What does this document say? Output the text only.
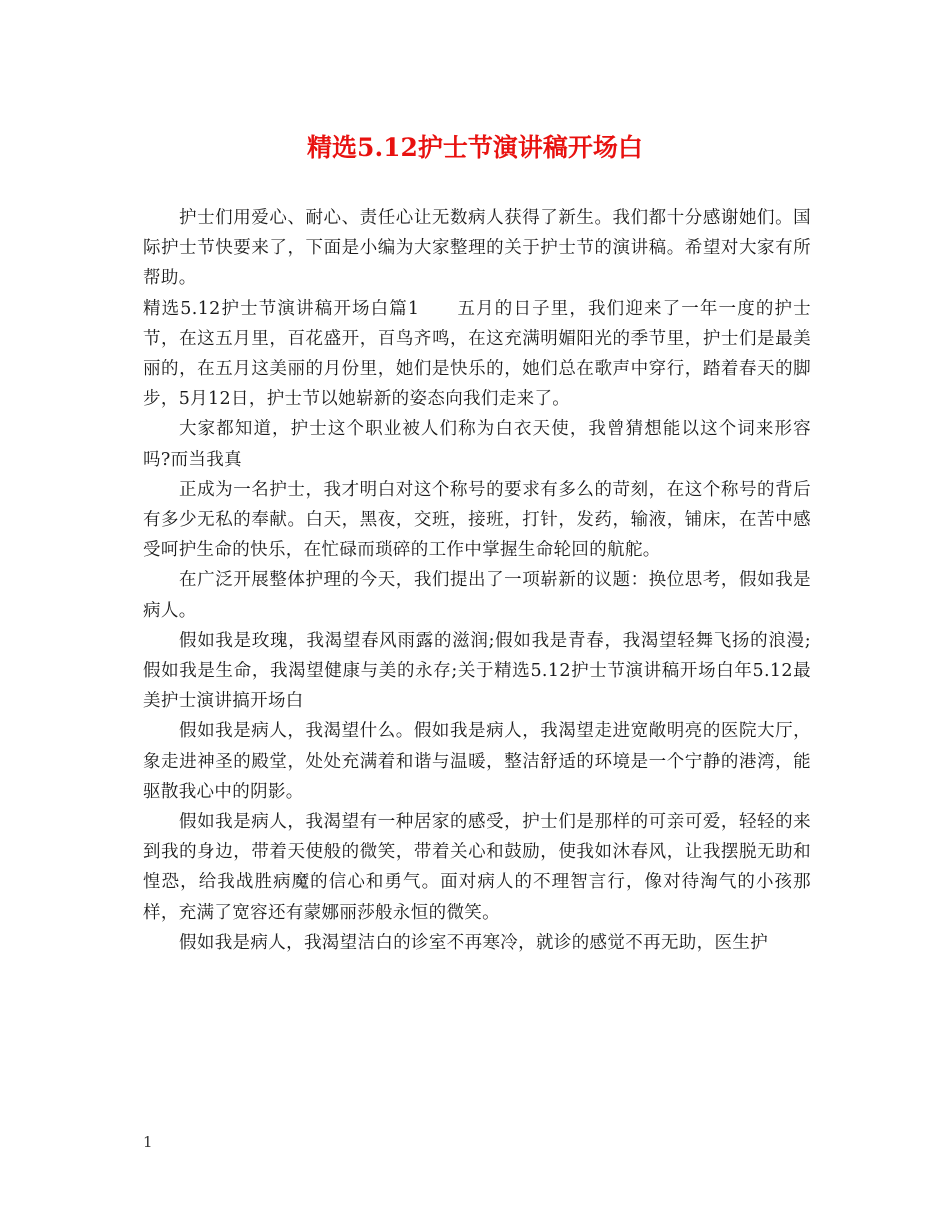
精选5.12护士节演讲稿开场白

护士们用爱心、耐心、责任心让无数病人获得了新生。我们都十分感谢她们。国际护士节快要来了，下面是小编为大家整理的关于护士节的演讲稿。希望对大家有所帮助。

精选5.12护士节演讲稿开场白篇1　　五月的日子里，我们迎来了一年一度的护士节，在这五月里，百花盛开，百鸟齐鸣，在这充满明媚阳光的季节里，护士们是最美丽的，在五月这美丽的月份里，她们是快乐的，她们总在歌声中穿行，踏着春天的脚步，5月12日，护士节以她崭新的姿态向我们走来了。

大家都知道，护士这个职业被人们称为白衣天使，我曾猜想能以这个词来形容吗?而当我真

正成为一名护士，我才明白对这个称号的要求有多么的苛刻，在这个称号的背后有多少无私的奉献。白天，黑夜，交班，接班，打针，发药，输液，铺床，在苦中感受呵护生命的快乐，在忙碌而琐碎的工作中掌握生命轮回的航舵。

在广泛开展整体护理的今天，我们提出了一项崭新的议题：换位思考，假如我是病人。

假如我是玫瑰，我渴望春风雨露的滋润;假如我是青春，我渴望轻舞飞扬的浪漫;假如我是生命，我渴望健康与美的永存;关于精选5.12护士节演讲稿开场白年5.12最美护士演讲搞开场白

假如我是病人，我渴望什么。假如我是病人，我渴望走进宽敞明亮的医院大厅，象走进神圣的殿堂，处处充满着和谐与温暖，整洁舒适的环境是一个宁静的港湾，能驱散我心中的阴影。

假如我是病人，我渴望有一种居家的感受，护士们是那样的可亲可爱，轻轻的来到我的身边，带着天使般的微笑，带着关心和鼓励，使我如沐春风，让我摆脱无助和惶恐，给我战胜病魔的信心和勇气。面对病人的不理智言行，像对待淘气的小孩那样，充满了宽容还有蒙娜丽莎般永恒的微笑。

假如我是病人，我渴望洁白的诊室不再寒冷，就诊的感觉不再无助，医生护

1
